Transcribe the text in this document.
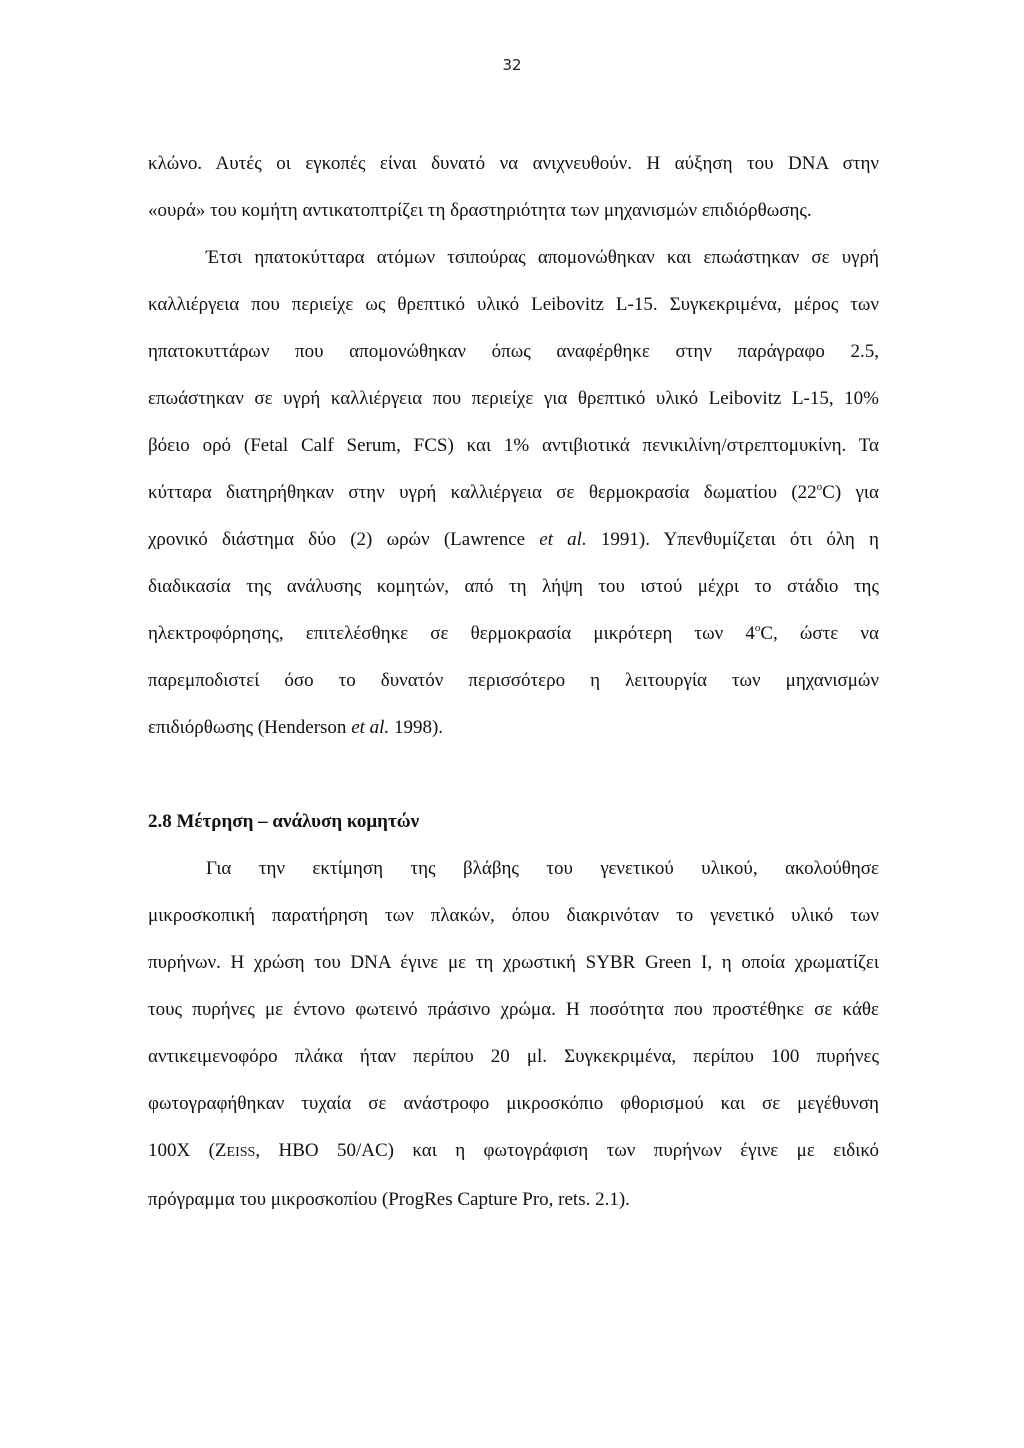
32

κλώνο. Αυτές οι εγκοπές είναι δυνατό να ανιχνευθούν. Η αύξηση του DNA στην
«ουρά» του κομήτη αντικατοπτρίζει τη δραστηριότητα των μηχανισμών επιδιόρθωσης.

Έτσι ηπατοκύτταρα ατόμων τσιπούρας απομονώθηκαν και επωάστηκαν σε υγρή
καλλιέργεια που περιείχε ως θρεπτικό υλικό Leibovitz L-15. Συγκεκριμένα, μέρος των
ηπατοκυττάρων που απομονώθηκαν όπως αναφέρθηκε στην παράγραφο 2.5,
επωάστηκαν σε υγρή καλλιέργεια που περιείχε για θρεπτικό υλικό Leibovitz L-15, 10%
βόειο ορό (Fetal Calf Serum, FCS) και 1% αντιβιοτικά πενικιλίνη/στρεπτομυκίνη. Τα
κύτταρα διατηρήθηκαν στην υγρή καλλιέργεια σε θερμοκρασία δωματίου $(22^oC)$ για
χρονικό διάστημα δύο (2) ωρών (Lawrence et al. 1991). Υπενθυμίζεται ότι όλη η
διαδικασία της ανάλυσης κομητών, από τη λήψη του ιστού μέχρι το στάδιο της
ηλεκτροφόρησης, επιτελέσθηκε σε θερμοκρασία μικρότερη των $4^oC$, ώστε να
παρεμποδιστεί όσο το δυνατόν περισσότερο η λειτουργία των μηχανισμών
επιδιόρθωσης (Henderson et al. 1998).

2.8 Μέτρηση – ανάλυση κομητών

Για την εκτίμηση της βλάβης του γενετικού υλικού, ακολούθησε
μικροσκοπική παρατήρηση των πλακών, όπου διακρινόταν το γενετικό υλικό των
πυρήνων. Η χρώση του DNA έγινε με τη χρωστική SYBR Green I, η οποία χρωματίζει
τους πυρήνες με έντονο φωτεινό πράσινο χρώμα. Η ποσότητα που προστέθηκε σε κάθε
αντικειμενοφόρο πλάκα ήταν περίπου 20 μl. Συγκεκριμένα, περίπου 100 πυρήνες
φωτογραφήθηκαν τυχαία σε ανάστροφο μικροσκόπιο φθορισμού και σε μεγέθυνση
100X (ZEISS, HBO 50/AC) και η φωτογράφιση των πυρήνων έγινε με ειδικό
πρόγραμμα του μικροσκοπίου (ProgRes Capture Pro, rets. 2.1).
